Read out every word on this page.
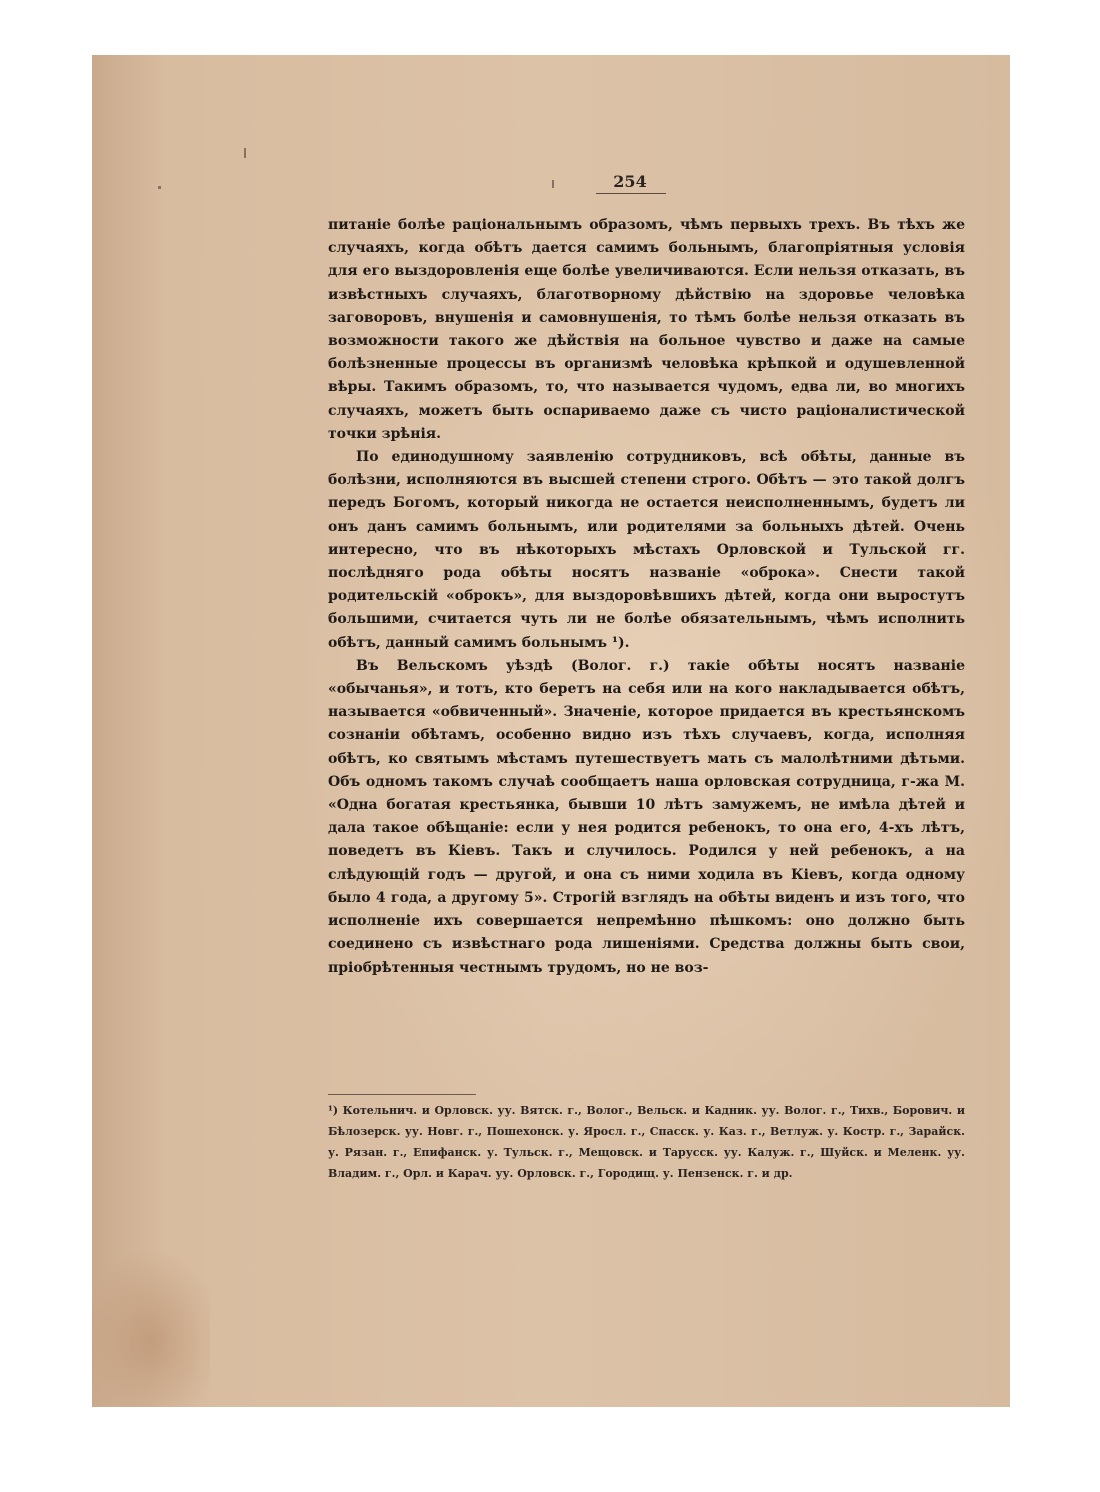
254

питаніе болѣе раціональнымъ образомъ, чѣмъ первыхъ трехъ. Въ тѣхъ же случаяхъ, когда обѣтъ дается самимъ больнымъ, благопріятныя условія для его выздоровленія еще болѣе увеличиваются. Если нельзя отказать, въ извѣстныхъ случаяхъ, благотворному дѣйствію на здоровье человѣка заговоровъ, внушенія и самовнушенія, то тѣмъ болѣе нельзя отказать въ возможности такого же дѣйствія на больное чувство и даже на самые болѣзненные процессы въ организмѣ человѣка крѣпкой и одушевленной вѣры. Такимъ образомъ, то, что называется чудомъ, едва ли, во многихъ случаяхъ, можетъ быть оспариваемо даже съ чисто раціоналистической точки зрѣнія.

По единодушному заявленію сотрудниковъ, всѣ обѣты, данные въ болѣзни, исполняются въ высшей степени строго. Обѣтъ — это такой долгъ передъ Богомъ, который никогда не остается неисполненнымъ, будетъ ли онъ данъ самимъ больнымъ, или родителями за больныхъ дѣтей. Очень интересно, что въ нѣкоторыхъ мѣстахъ Орловской и Тульской гг. послѣдняго рода обѣты носятъ названіе «оброка». Снести такой родительскій «оброкъ», для выздоровѣвшихъ дѣтей, когда они выростутъ большими, считается чуть ли не болѣе обязательнымъ, чѣмъ исполнить обѣтъ, данный самимъ больнымъ ¹).

Въ Вельскомъ уѣздѣ (Волог. г.) такіе обѣты носятъ названіе «обычанья», и тотъ, кто беретъ на себя или на кого накладывается обѣтъ, называется «обвиченный». Значеніе, которое придается въ крестьянскомъ сознаніи обѣтамъ, особенно видно изъ тѣхъ случаевъ, когда, исполняя обѣтъ, ко святымъ мѣстамъ путешествуетъ мать съ малолѣтними дѣтьми. Объ одномъ такомъ случаѣ сообщаетъ наша орловская сотрудница, г-жа М. «Одна богатая крестьянка, бывши 10 лѣтъ замужемъ, не имѣла дѣтей и дала такое обѣщаніе: если у нея родится ребенокъ, то она его, 4-хъ лѣтъ, поведетъ въ Кіевъ. Такъ и случилось. Родился у ней ребенокъ, а на слѣдующій годъ — другой, и она съ ними ходила въ Кіевъ, когда одному было 4 года, а другому 5». Строгій взглядъ на обѣты виденъ и изъ того, что исполненіе ихъ совершается непремѣнно пѣшкомъ: оно должно быть соединено съ извѣстнаго рода лишеніями. Средства должны быть свои, пріобрѣтенныя честнымъ трудомъ, но не воз-

¹) Котельнич. и Орловск. уу. Вятск. г., Волог., Вельск. и Кадник. уу. Волог. г., Тихв., Борович. и Бѣлозерск. уу. Новг. г., Пошехонск. у. Яросл. г., Спасск. у. Каз. г., Ветлуж. у. Костр. г., Зарайск. у. Рязан. г., Епифанск. у. Тульск. г., Мещовск. и Тарусск. уу. Калуж. г., Шуйск. и Меленк. уу. Владим. г., Орл. и Карач. уу. Орловск. г., Городищ. у. Пензенск. г. и др.
